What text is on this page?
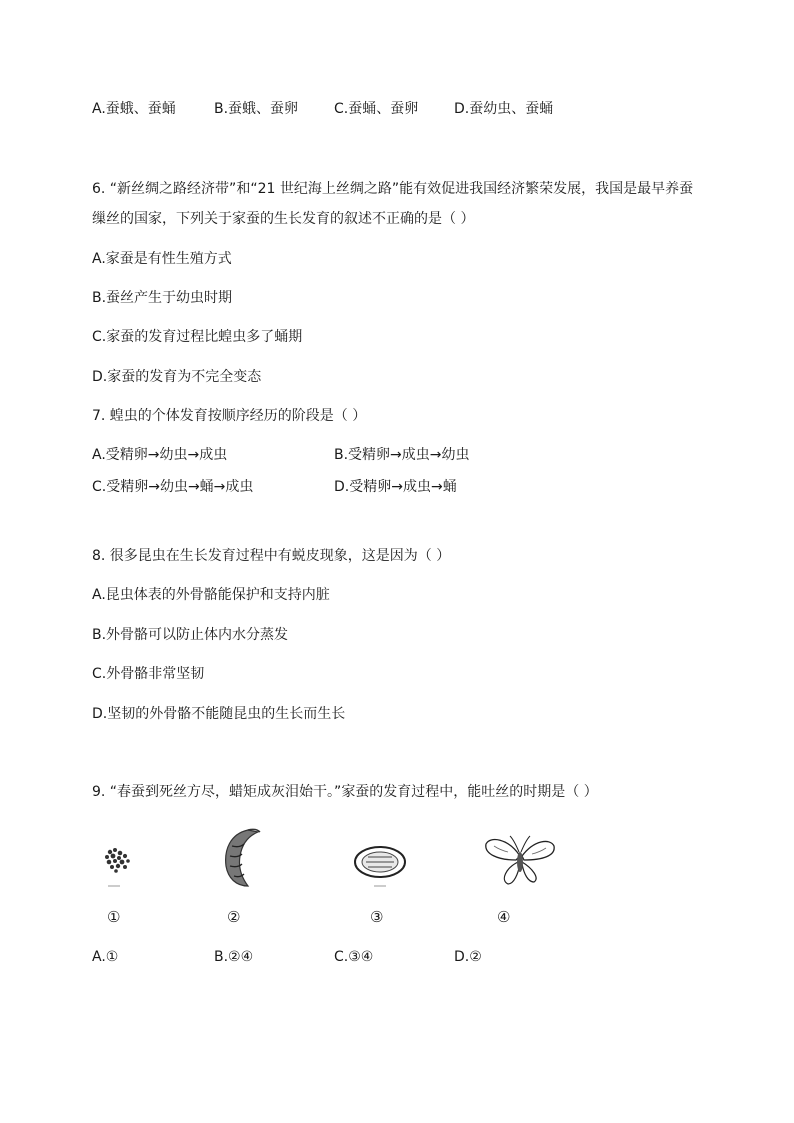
A.蚕蛾、蚕蛹	B.蚕蛾、蚕卵	C.蚕蛹、蚕卵	D.蚕幼虫、蚕蛹
6. “新丝绸之路经济带”和“21 世纪海上丝绸之路”能有效促进我国经济繁荣发展，我国是最早养蚕
缫丝的国家，下列关于家蚕的生长发育的叙述不正确的是（ ）
A.家蚕是有性生殖方式
B.蚕丝产生于幼虫时期
C.家蚕的发育过程比蝗虫多了蛹期
D.家蚕的发育为不完全变态
7. 蝗虫的个体发育按顺序经历的阶段是（ ）
A.受精卵→幼虫→成虫	B.受精卵→成虫→幼虫
C.受精卵→幼虫→蛹→成虫	D.受精卵→成虫→蛹
8. 很多昆虫在生长发育过程中有蜕皮现象，这是因为（ ）
A.昆虫体表的外骨骼能保护和支持内脏
B.外骨骼可以防止体内水分蒸发
C.外骨骼非常坚韧
D.坚韧的外骨骼不能随昆虫的生长而生长
9. “春蚕到死丝方尽，蜡矩成灰泪始干。”家蚕的发育过程中，能吐丝的时期是（ ）
①	②	③	④
A.①	B.②④	C.③④	D.②
